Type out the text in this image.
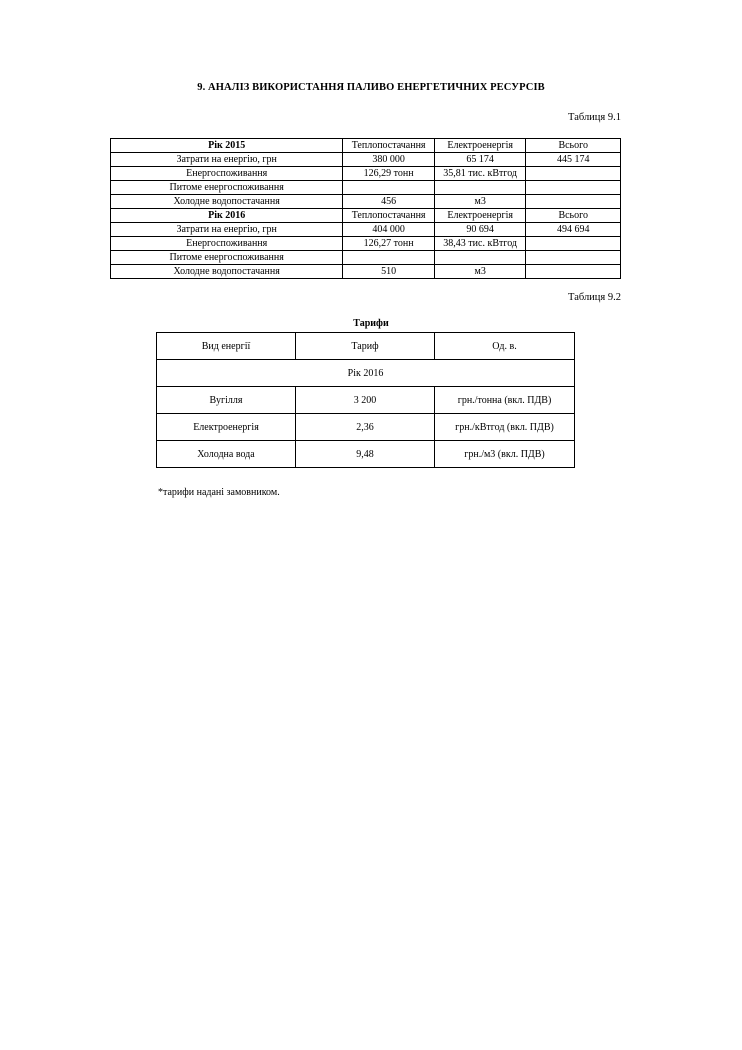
9. АНАЛІЗ ВИКОРИСТАННЯ ПАЛИВО ЕНЕРГЕТИЧНИХ РЕСУРСІВ
Таблиця 9.1
Рік 2015	Теплопостачання	Електроенергія	Всього
Затрати на енергію, грн	380 000	65 174	445 174
Енергоспоживання	126,29 тонн	35,81 тис. кВтгод	
Питоме енергоспоживання			
Холодне водопостачання	456	м3	
Рік 2016	Теплопостачання	Електроенергія	Всього
Затрати на енергію, грн	404 000	90 694	494 694
Енергоспоживання	126,27 тонн	38,43 тис. кВтгод	
Питоме енергоспоживання			
Холодне водопостачання	510	м3	
Таблиця 9.2
Тарифи
Вид енергії	Тариф	Од. в.
Рік 2016		
Вугілля	3 200	грн./тонна (вкл. ПДВ)
Електроенергія	2,36	грн./кВтгод (вкл. ПДВ)
Холодна вода	9,48	грн./м3 (вкл. ПДВ)
*тарифи надані замовником.
